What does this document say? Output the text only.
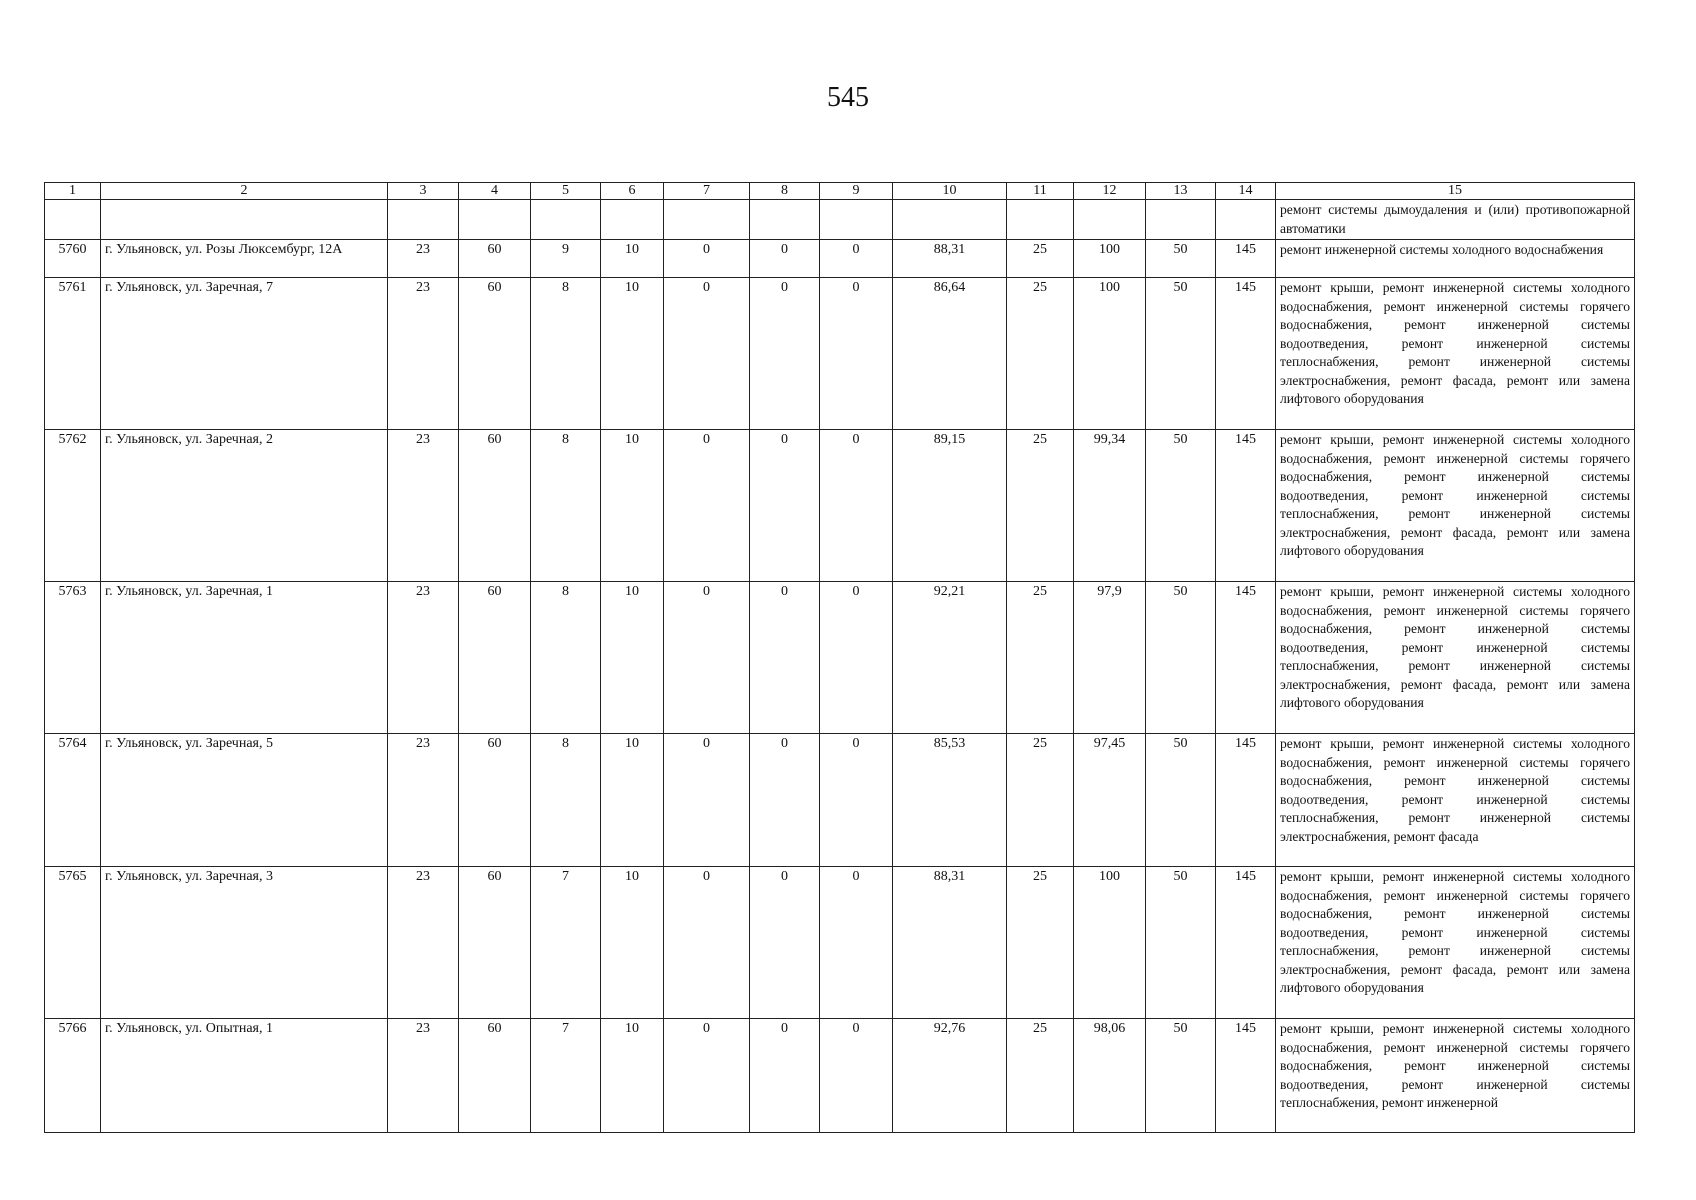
545
1	2	3	4	5	6	7	8	9	10	11	12	13	14	15
														ремонт системы дымоудаления и (или) противопожарной автоматики
5760	г. Ульяновск, ул. Розы Люксембург, 12А	23	60	9	10	0	0	0	88,31	25	100	50	145	ремонт инженерной системы холодного водоснабжения
5761	г. Ульяновск, ул. Заречная, 7	23	60	8	10	0	0	0	86,64	25	100	50	145	ремонт крыши, ремонт инженерной системы холодного водоснабжения, ремонт инженерной системы горячего водоснабжения, ремонт инженерной системы водоотведения, ремонт инженерной системы теплоснабжения, ремонт инженерной системы электроснабжения, ремонт фасада, ремонт или замена лифтового оборудования
5762	г. Ульяновск, ул. Заречная, 2	23	60	8	10	0	0	0	89,15	25	99,34	50	145	ремонт крыши, ремонт инженерной системы холодного водоснабжения, ремонт инженерной системы горячего водоснабжения, ремонт инженерной системы водоотведения, ремонт инженерной системы теплоснабжения, ремонт инженерной системы электроснабжения, ремонт фасада, ремонт или замена лифтового оборудования
5763	г. Ульяновск, ул. Заречная, 1	23	60	8	10	0	0	0	92,21	25	97,9	50	145	ремонт крыши, ремонт инженерной системы холодного водоснабжения, ремонт инженерной системы горячего водоснабжения, ремонт инженерной системы водоотведения, ремонт инженерной системы теплоснабжения, ремонт инженерной системы электроснабжения, ремонт фасада, ремонт или замена лифтового оборудования
5764	г. Ульяновск, ул. Заречная, 5	23	60	8	10	0	0	0	85,53	25	97,45	50	145	ремонт крыши, ремонт инженерной системы холодного водоснабжения, ремонт инженерной системы горячего водоснабжения, ремонт инженерной системы водоотведения, ремонт инженерной системы теплоснабжения, ремонт инженерной системы электроснабжения, ремонт фасада
5765	г. Ульяновск, ул. Заречная, 3	23	60	7	10	0	0	0	88,31	25	100	50	145	ремонт крыши, ремонт инженерной системы холодного водоснабжения, ремонт инженерной системы горячего водоснабжения, ремонт инженерной системы водоотведения, ремонт инженерной системы теплоснабжения, ремонт инженерной системы электроснабжения, ремонт фасада, ремонт или замена лифтового оборудования
5766	г. Ульяновск, ул. Опытная, 1	23	60	7	10	0	0	0	92,76	25	98,06	50	145	ремонт крыши, ремонт инженерной системы холодного водоснабжения, ремонт инженерной системы горячего водоснабжения, ремонт инженерной системы водоотведения, ремонт инженерной системы теплоснабжения, ремонт инженерной
